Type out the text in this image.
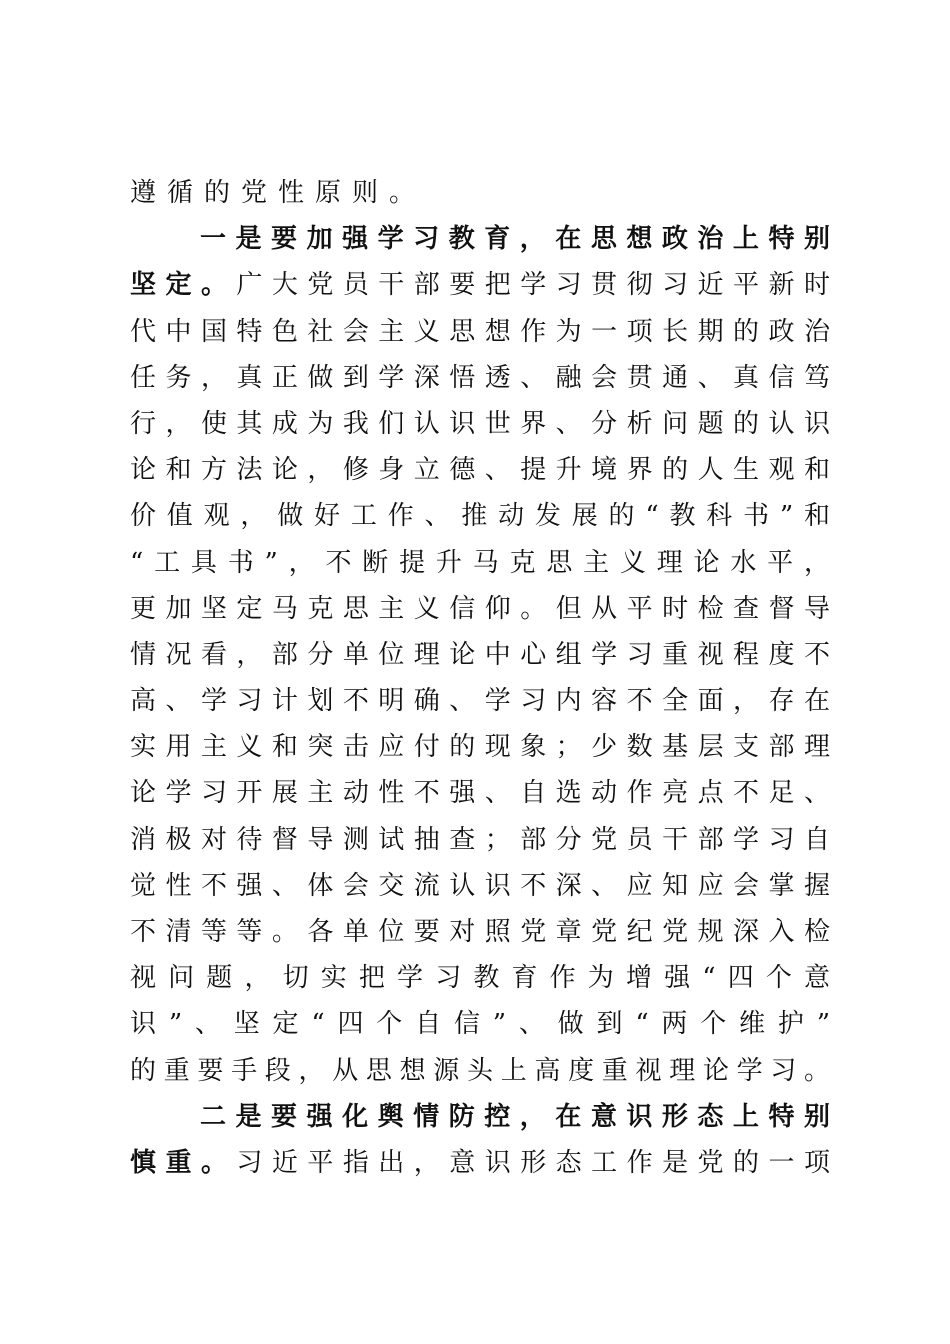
遵循的党性原则。
一是要加强学习教育，在思想政治上特别
坚定。广大党员干部要把学习贯彻习近平新时
代中国特色社会主义思想作为一项长期的政治
任务，真正做到学深悟透、融会贯通、真信笃
行，使其成为我们认识世界、分析问题的认识
论和方法论，修身立德、提升境界的人生观和
价值观，做好工作、推动发展的“教科书”和
“工具书”，不断提升马克思主义理论水平，
更加坚定马克思主义信仰。但从平时检查督导
情况看，部分单位理论中心组学习重视程度不
高、学习计划不明确、学习内容不全面，存在
实用主义和突击应付的现象；少数基层支部理
论学习开展主动性不强、自选动作亮点不足、
消极对待督导测试抽查；部分党员干部学习自
觉性不强、体会交流认识不深、应知应会掌握
不清等等。各单位要对照党章党纪党规深入检
视问题，切实把学习教育作为增强“四个意
识”、坚定“四个自信”、做到“两个维护”
的重要手段，从思想源头上高度重视理论学习。
二是要强化舆情防控，在意识形态上特别
慎重。习近平指出，意识形态工作是党的一项
